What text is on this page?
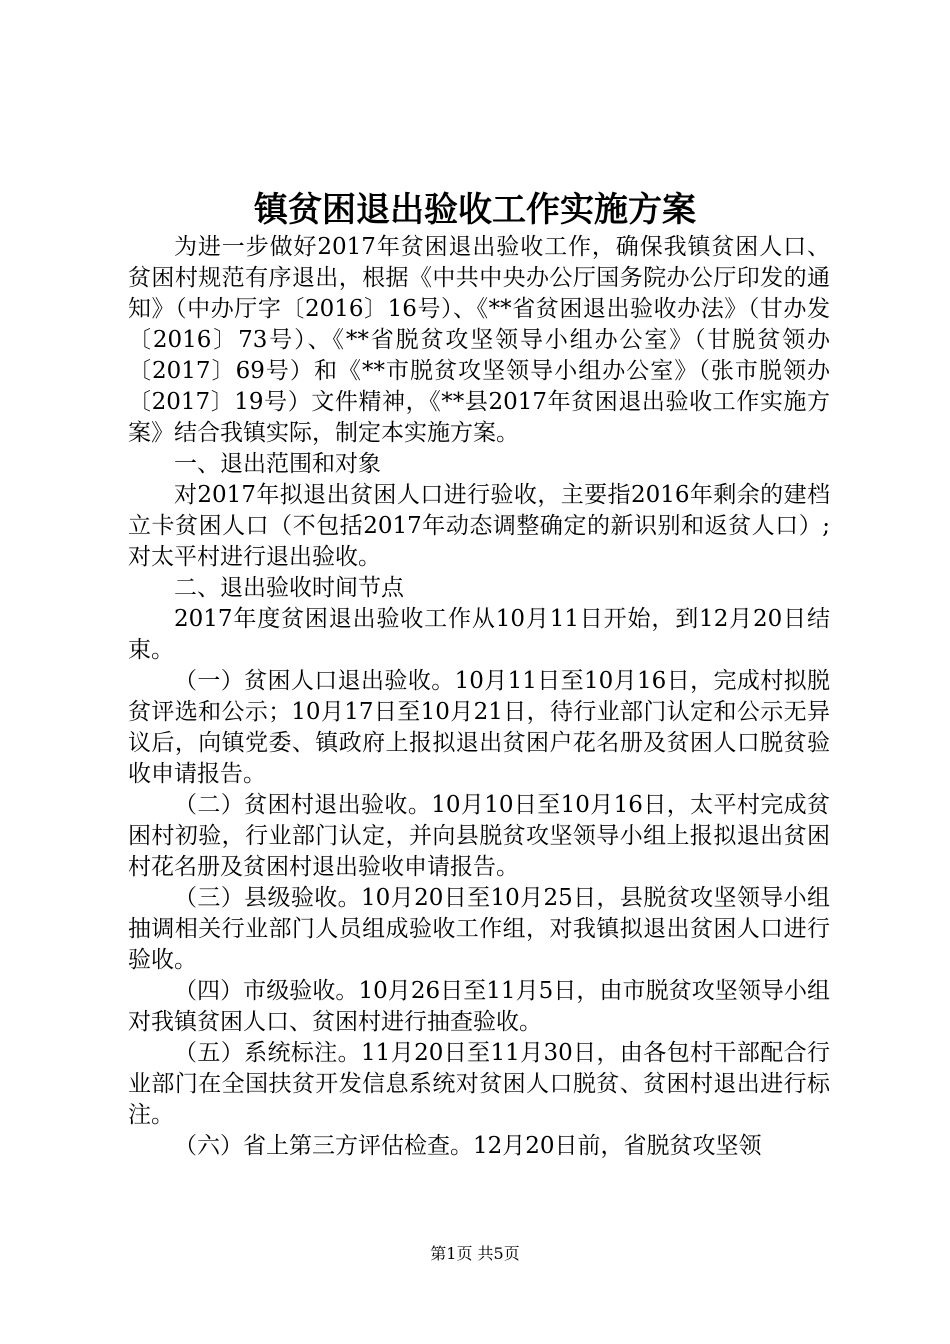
镇贫困退出验收工作实施方案

为进一步做好2017年贫困退出验收工作，确保我镇贫困人口、贫困村规范有序退出，根据《中共中央办公厅国务院办公厅印发的通知》（中办厅字〔2016〕16号）、《**省贫困退出验收办法》（甘办发〔2016〕73号）、《**省脱贫攻坚领导小组办公室》（甘脱贫领办〔2017〕69号）和《**市脱贫攻坚领导小组办公室》（张市脱领办〔2017〕19号）文件精神，《**县2017年贫困退出验收工作实施方案》结合我镇实际，制定本实施方案。

一、退出范围和对象

对2017年拟退出贫困人口进行验收，主要指2016年剩余的建档立卡贫困人口（不包括2017年动态调整确定的新识别和返贫人口）;对太平村进行退出验收。

二、退出验收时间节点

2017年度贫困退出验收工作从10月11日开始，到12月20日结束。

（一）贫困人口退出验收。10月11日至10月16日，完成村拟脱贫评选和公示；10月17日至10月21日，待行业部门认定和公示无异议后，向镇党委、镇政府上报拟退出贫困户花名册及贫困人口脱贫验收申请报告。

（二）贫困村退出验收。10月10日至10月16日，太平村完成贫困村初验，行业部门认定，并向县脱贫攻坚领导小组上报拟退出贫困村花名册及贫困村退出验收申请报告。

（三）县级验收。10月20日至10月25日，县脱贫攻坚领导小组抽调相关行业部门人员组成验收工作组，对我镇拟退出贫困人口进行验收。

（四）市级验收。10月26日至11月5日，由市脱贫攻坚领导小组对我镇贫困人口、贫困村进行抽查验收。

（五）系统标注。11月20日至11月30日，由各包村干部配合行业部门在全国扶贫开发信息系统对贫困人口脱贫、贫困村退出进行标注。

（六）省上第三方评估检查。12月20日前，省脱贫攻坚领

第1页 共5页
